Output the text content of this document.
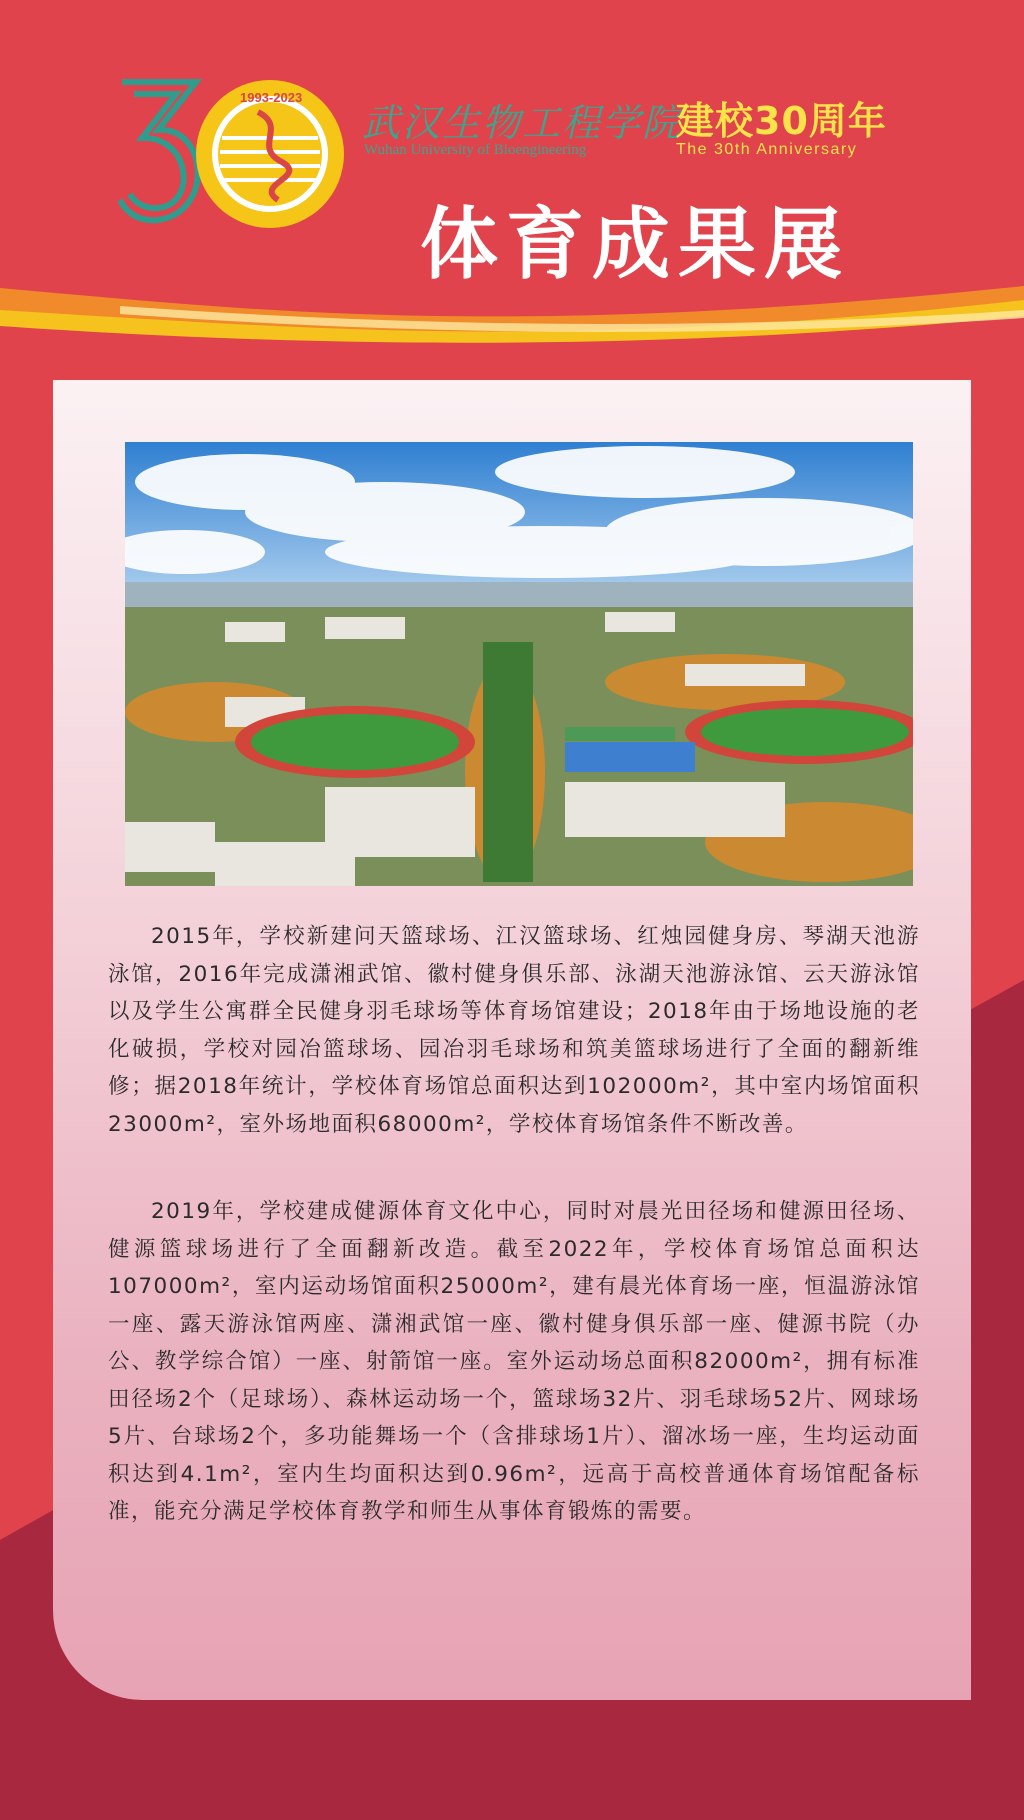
1993-2023
武汉生物工程学院
Wuhan University of Bioengineering
建校30周年
The 30th Anniversary
体育成果展

2015年，学校新建问天篮球场、江汉篮球场、红烛园健身房、琴湖天池游泳馆，2016年完成潇湘武馆、徽村健身俱乐部、泳湖天池游泳馆、云天游泳馆以及学生公寓群全民健身羽毛球场等体育场馆建设；2018年由于场地设施的老化破损，学校对园冶篮球场、园冶羽毛球场和筑美篮球场进行了全面的翻新维修；据2018年统计，学校体育场馆总面积达到102000m²，其中室内场馆面积23000m²，室外场地面积68000m²，学校体育场馆条件不断改善。

2019年，学校建成健源体育文化中心，同时对晨光田径场和健源田径场、健源篮球场进行了全面翻新改造。截至2022年，学校体育场馆总面积达107000m²，室内运动场馆面积25000m²，建有晨光体育场一座，恒温游泳馆一座、露天游泳馆两座、潇湘武馆一座、徽村健身俱乐部一座、健源书院（办公、教学综合馆）一座、射箭馆一座。室外运动场总面积82000m²，拥有标准田径场2个（足球场）、森林运动场一个，篮球场32片、羽毛球场52片、网球场5片、台球场2个，多功能舞场一个（含排球场1片）、溜冰场一座，生均运动面积达到4.1m²，室内生均面积达到0.96m²，远高于高校普通体育场馆配备标准，能充分满足学校体育教学和师生从事体育锻炼的需要。
